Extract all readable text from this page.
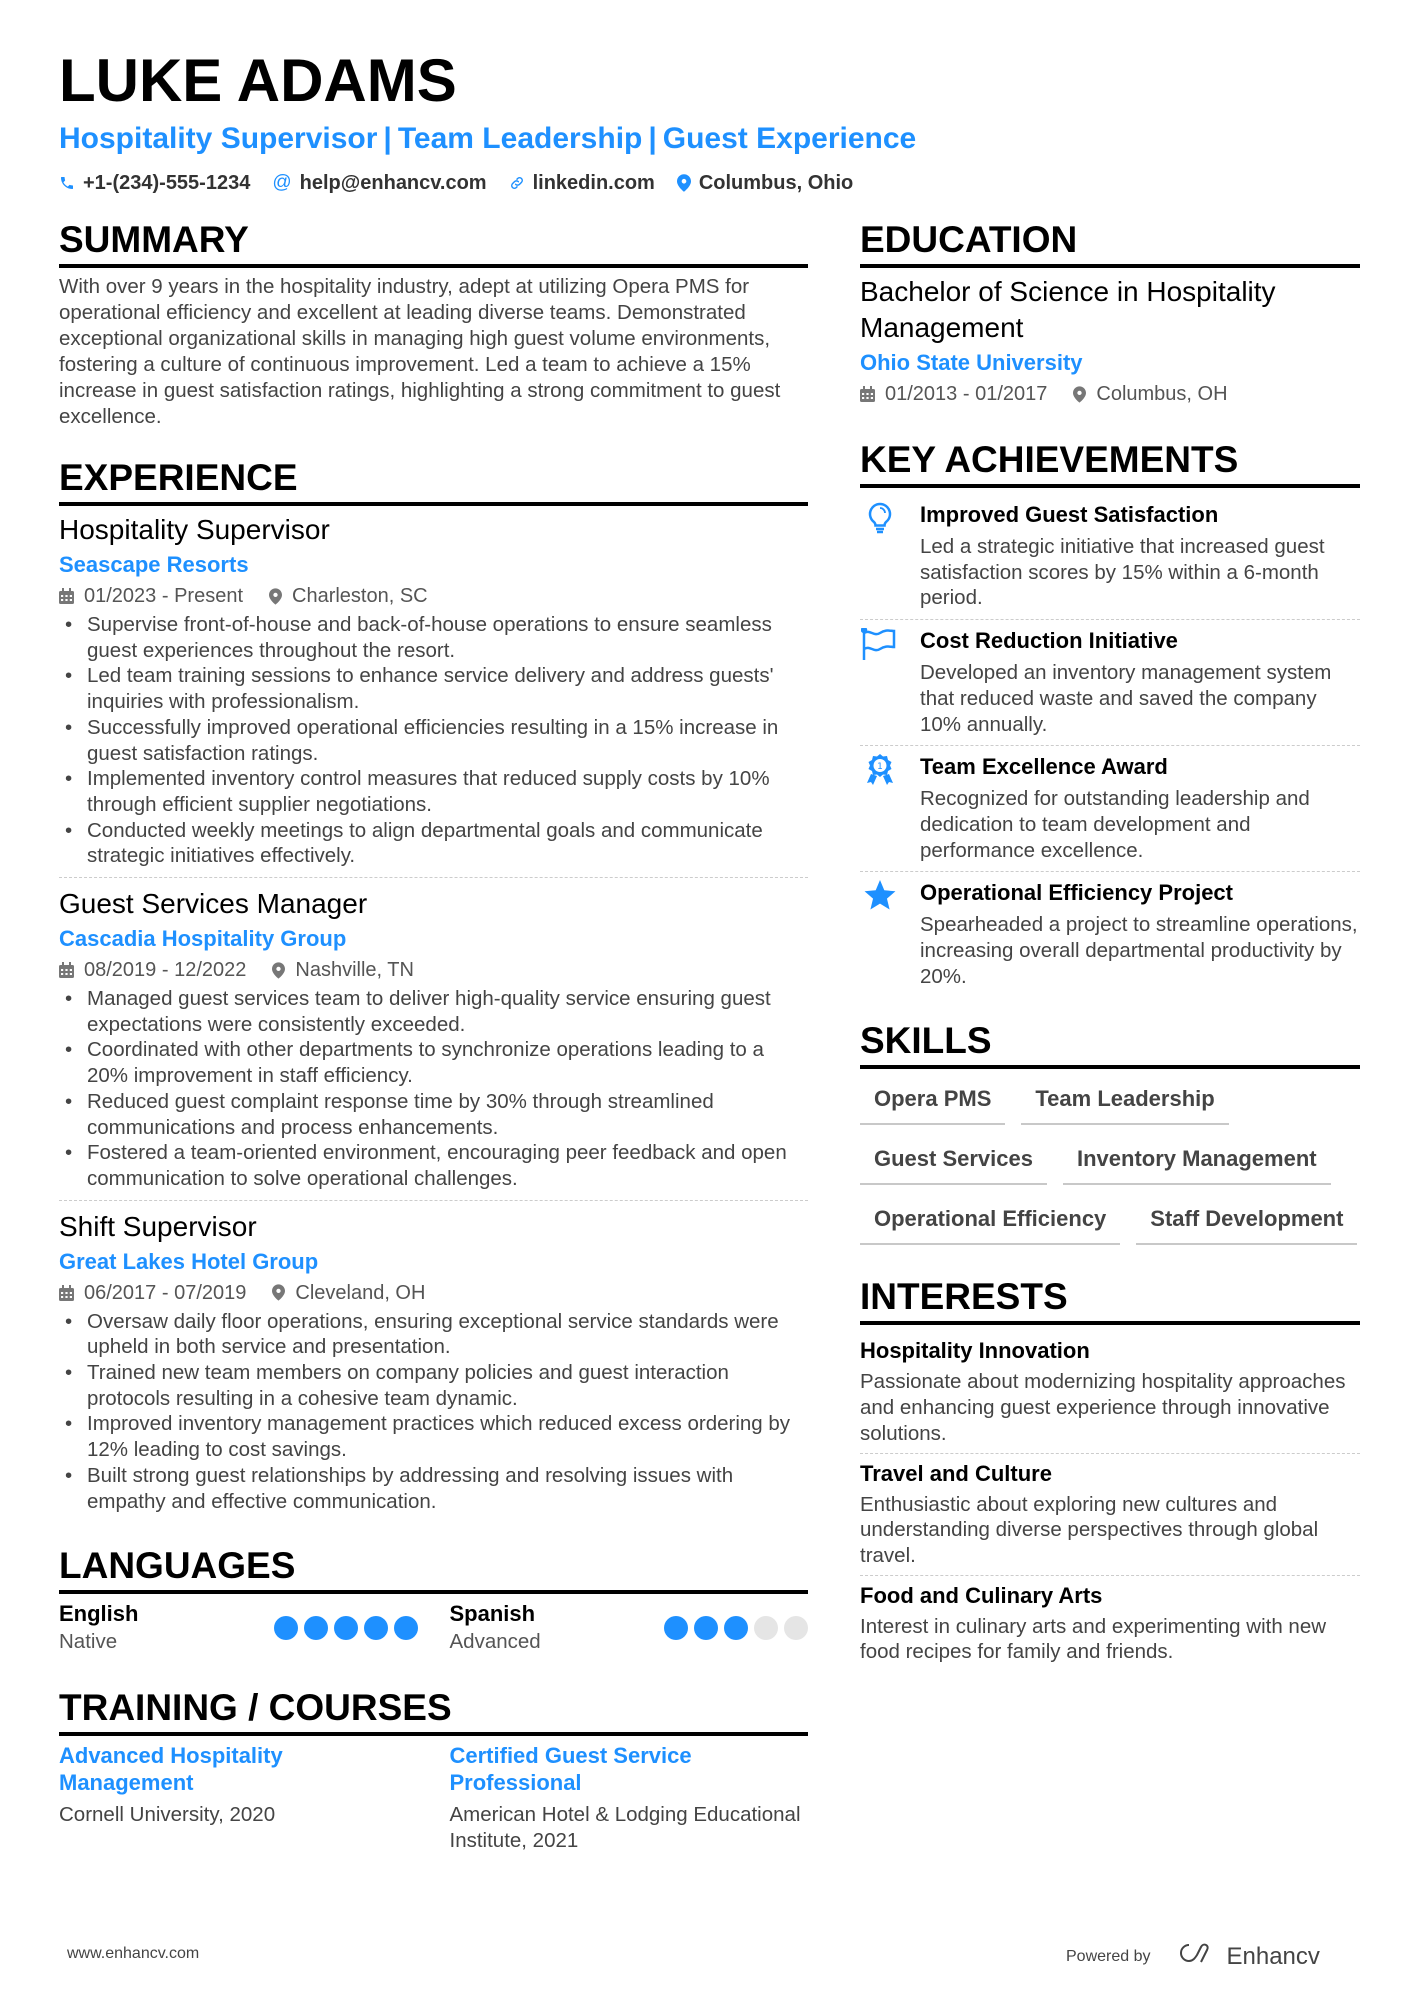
LUKE ADAMS
Hospitality Supervisor | Team Leadership | Guest Experience
+1-(234)-555-1234 @ help@enhancv.com linkedin.com Columbus, Ohio
SUMMARY
With over 9 years in the hospitality industry, adept at utilizing Opera PMS for operational efficiency and excellent at leading diverse teams. Demonstrated exceptional organizational skills in managing high guest volume environments, fostering a culture of continuous improvement. Led a team to achieve a 15% increase in guest satisfaction ratings, highlighting a strong commitment to guest excellence.
EXPERIENCE
Hospitality Supervisor
Seascape Resorts
01/2023 - Present Charleston, SC
• Supervise front-of-house and back-of-house operations to ensure seamless guest experiences throughout the resort.
• Led team training sessions to enhance service delivery and address guests' inquiries with professionalism.
• Successfully improved operational efficiencies resulting in a 15% increase in guest satisfaction ratings.
• Implemented inventory control measures that reduced supply costs by 10% through efficient supplier negotiations.
• Conducted weekly meetings to align departmental goals and communicate strategic initiatives effectively.
Guest Services Manager
Cascadia Hospitality Group
08/2019 - 12/2022 Nashville, TN
• Managed guest services team to deliver high-quality service ensuring guest expectations were consistently exceeded.
• Coordinated with other departments to synchronize operations leading to a 20% improvement in staff efficiency.
• Reduced guest complaint response time by 30% through streamlined communications and process enhancements.
• Fostered a team-oriented environment, encouraging peer feedback and open communication to solve operational challenges.
Shift Supervisor
Great Lakes Hotel Group
06/2017 - 07/2019 Cleveland, OH
• Oversaw daily floor operations, ensuring exceptional service standards were upheld in both service and presentation.
• Trained new team members on company policies and guest interaction protocols resulting in a cohesive team dynamic.
• Improved inventory management practices which reduced excess ordering by 12% leading to cost savings.
• Built strong guest relationships by addressing and resolving issues with empathy and effective communication.
LANGUAGES
English
Native
Spanish
Advanced
TRAINING / COURSES
Advanced Hospitality Management
Cornell University, 2020
Certified Guest Service Professional
American Hotel & Lodging Educational Institute, 2021
EDUCATION
Bachelor of Science in Hospitality Management
Ohio State University
01/2013 - 01/2017 Columbus, OH
KEY ACHIEVEMENTS
Improved Guest Satisfaction
Led a strategic initiative that increased guest satisfaction scores by 15% within a 6-month period.
Cost Reduction Initiative
Developed an inventory management system that reduced waste and saved the company 10% annually.
1 Team Excellence Award
Recognized for outstanding leadership and dedication to team development and performance excellence.
Operational Efficiency Project
Spearheaded a project to streamline operations, increasing overall departmental productivity by 20%.
SKILLS
Opera PMS	Team Leadership
Guest Services	Inventory Management
Operational Efficiency	Staff Development
INTERESTS
Hospitality Innovation
Passionate about modernizing hospitality approaches and enhancing guest experience through innovative solutions.
Travel and Culture
Enthusiastic about exploring new cultures and understanding diverse perspectives through global travel.
Food and Culinary Arts
Interest in culinary arts and experimenting with new food recipes for family and friends.
www.enhancv.com	Powered by	Enhancv
